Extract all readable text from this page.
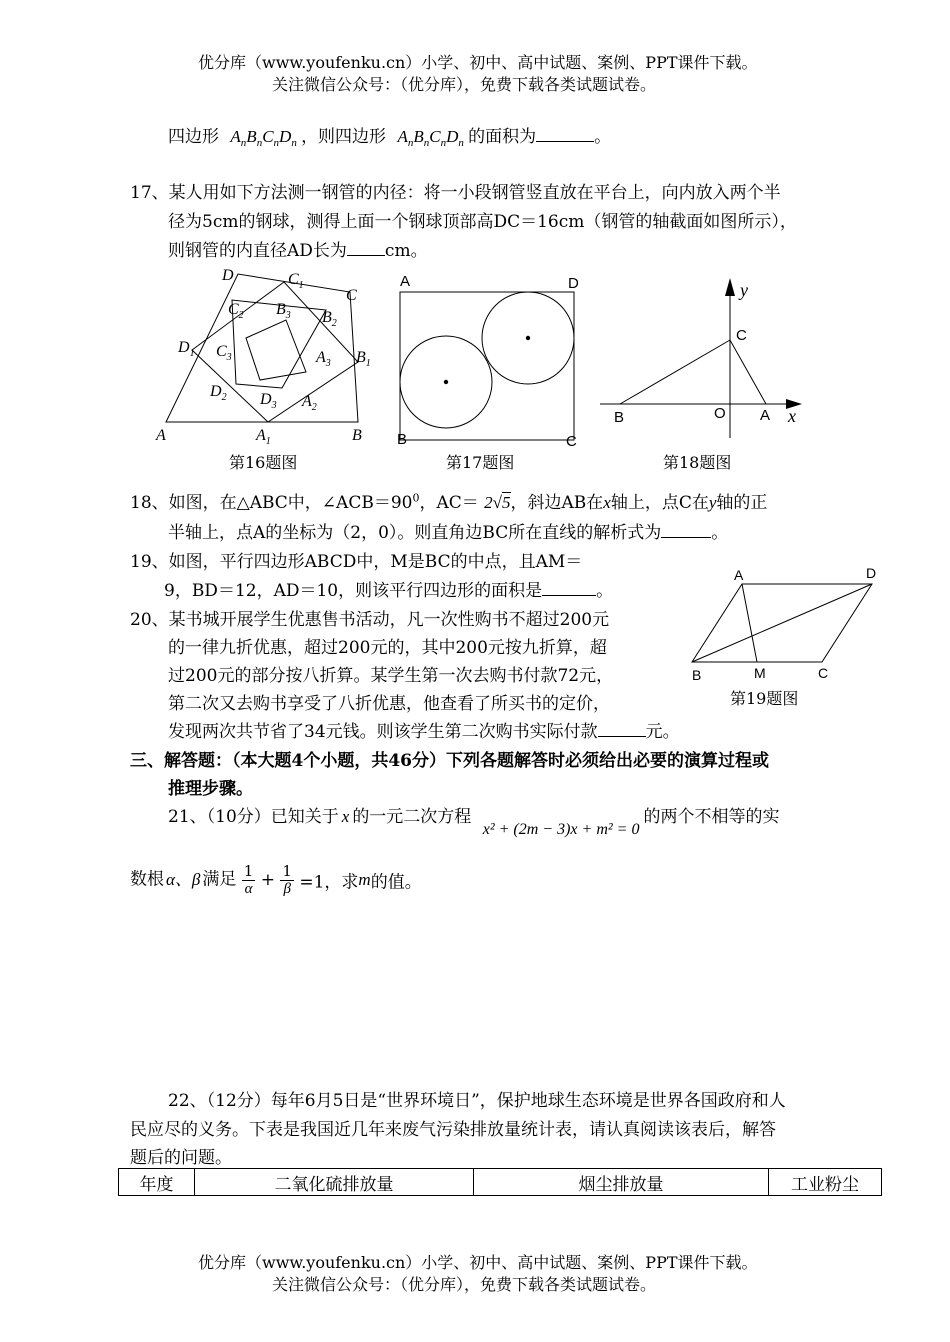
优分库（www.youfenku.cn）小学、初中、高中试题、案例、PPT课件下载。
关注微信公众号：（优分库），免费下载各类试题试卷。
四边形 $A_nB_nC_nD_n$ ，则四边形 $A_nB_nC_nD_n$ 的面积为	。
17、某人用如下方法测一钢管的内径：将一小段钢管竖直放在平台上，向内放入两个半
径为5cm的钢球，测得上面一个钢球顶部高DC＝16cm（钢管的轴截面如图所示），
则钢管的内直径AD长为 cm。
D	$C_1$
C
$C_2$ $B_3$ $B_2$
$D_1$ $C_3$	$A_3$ $B_1$
$D_2$ $D_3$ $A_2$
A	$A_1$	B
第16题图
A	D
B	C
第17题图
y
C
B	O A x
第18题图
18、如图，在△ABC中，$\angle ACB=90^0$，AC＝ 2√5，斜边AB在x轴上，点C在y轴的正
半轴上，点A的坐标为（2，0）。则直角边BC所在直线的解析式为	。
19、如图，平行四边形ABCD中，M是BC的中点，且AM＝
9，BD＝12，AD＝10，则该平行四边形的面积是	。
A	D
B	M	C
第19题图
20、某书城开展学生优惠售书活动，凡一次性购书不超过200元
的一律九折优惠，超过200元的，其中200元按九折算，超
过200元的部分按八折算。某学生第一次去购书付款72元，
第二次又去购书享受了八折优惠，他查看了所买书的定价，
发现两次共节省了34元钱。则该学生第二次购书实际付款	元。
三、解答题：（本大题4个小题，共46分）下列各题解答时必须给出必要的演算过程或
推理步骤。
21、（10分）已知关于 x 的一元二次方程 x² + (2m − 3)x + m² = 0的两个不相等的实
数根 α、β 满足 $\frac{1}{\alpha} + \frac{1}{\beta} =1$，求m的值。
22、（12分）每年6月5日是“世界环境日”，保护地球生态环境是世界各国政府和人
民应尽的义务。下表是我国近几年来废气污染排放量统计表，请认真阅读该表后，解答
题后的问题。
年度	二氧化硫排放量	烟尘排放量	工业粉尘
优分库（www.youfenku.cn）小学、初中、高中试题、案例、PPT课件下载。
关注微信公众号：（优分库），免费下载各类试题试卷。
